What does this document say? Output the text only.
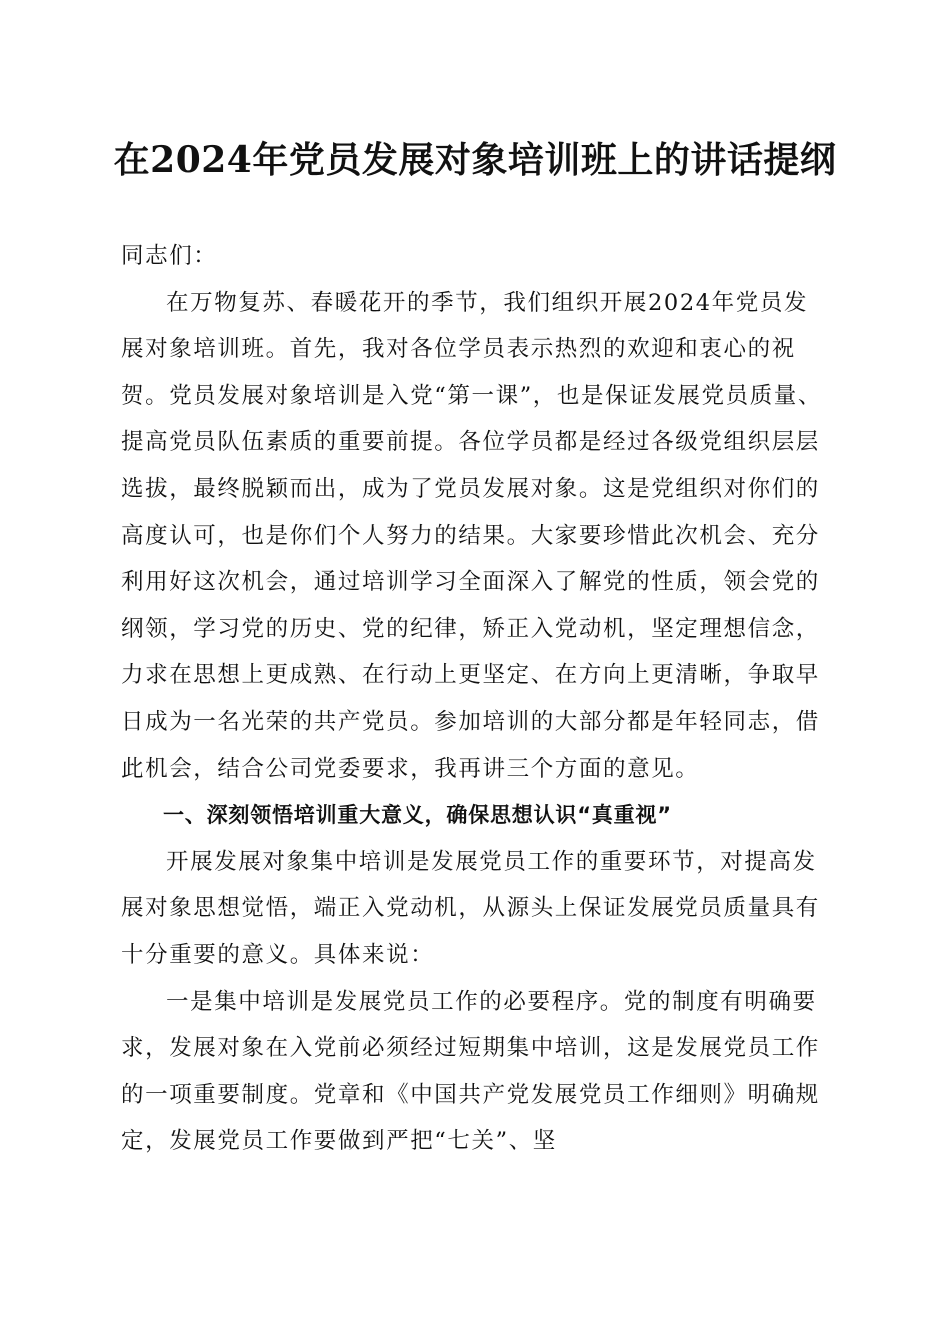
在2024年党员发展对象培训班上的讲话提纲

同志们：

在万物复苏、春暖花开的季节，我们组织开展2024年党员发展对象培训班。首先，我对各位学员表示热烈的欢迎和衷心的祝贺。党员发展对象培训是入党“第一课”，也是保证发展党员质量、提高党员队伍素质的重要前提。各位学员都是经过各级党组织层层选拔，最终脱颖而出，成为了党员发展对象。这是党组织对你们的高度认可，也是你们个人努力的结果。大家要珍惜此次机会、充分利用好这次机会，通过培训学习全面深入了解党的性质，领会党的纲领，学习党的历史、党的纪律，矫正入党动机，坚定理想信念，力求在思想上更成熟、在行动上更坚定、在方向上更清晰，争取早日成为一名光荣的共产党员。参加培训的大部分都是年轻同志，借此机会，结合公司党委要求，我再讲三个方面的意见。

一、深刻领悟培训重大意义，确保思想认识“真重视”

开展发展对象集中培训是发展党员工作的重要环节，对提高发展对象思想觉悟，端正入党动机，从源头上保证发展党员质量具有十分重要的意义。具体来说：

一是集中培训是发展党员工作的必要程序。党的制度有明确要求，发展对象在入党前必须经过短期集中培训，这是发展党员工作的一项重要制度。党章和《中国共产党发展党员工作细则》明确规定，发展党员工作要做到严把“七关”、坚
